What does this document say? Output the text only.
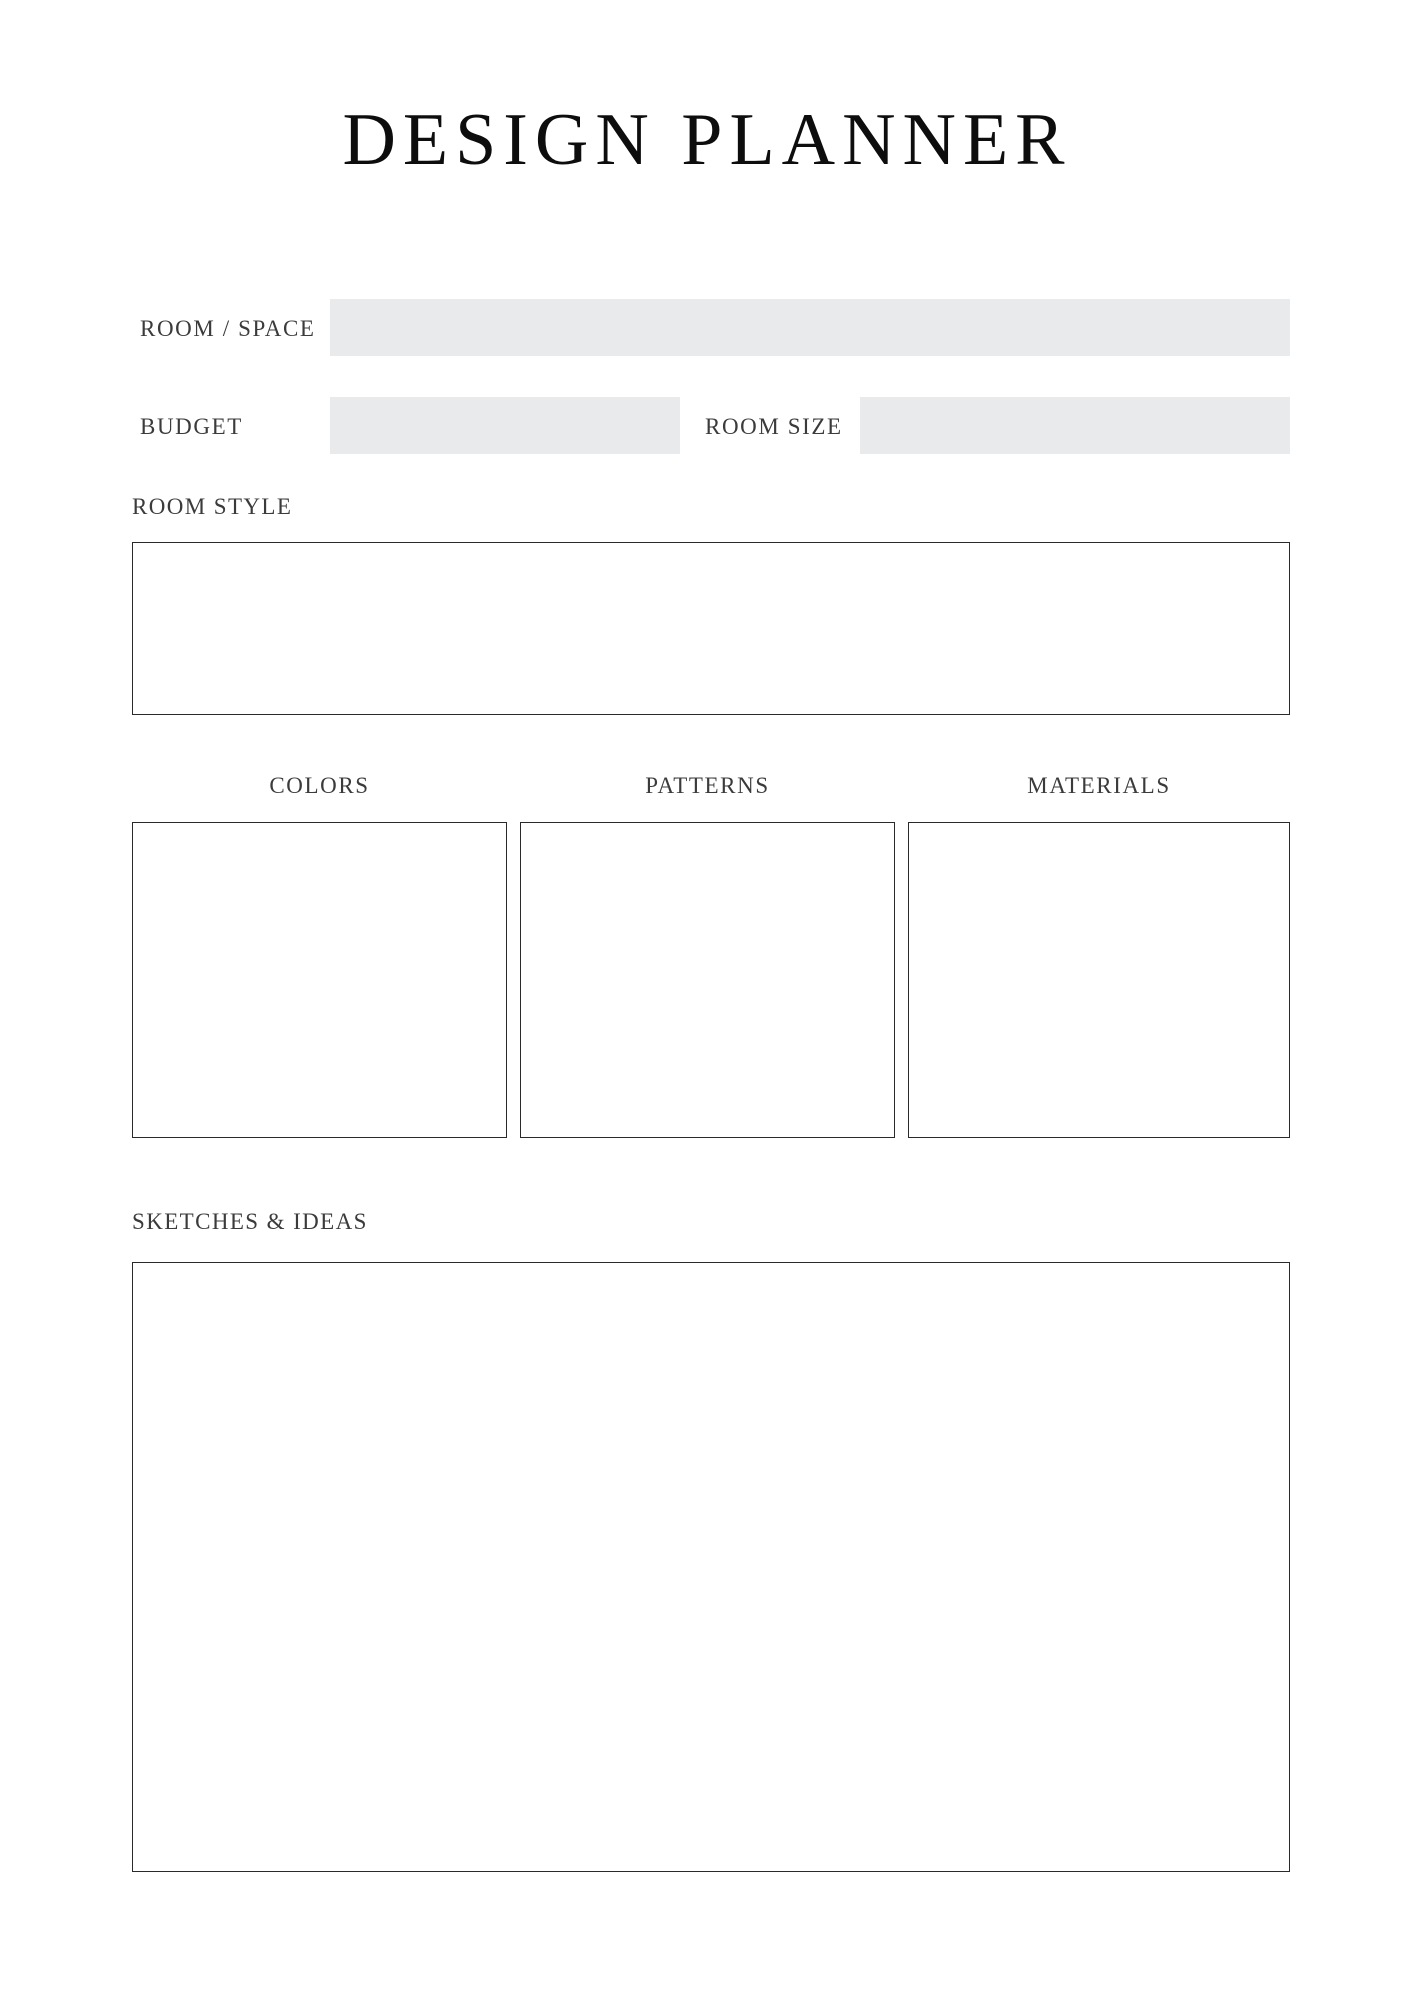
DESIGN PLANNER
ROOM / SPACE
BUDGET	ROOM SIZE
ROOM STYLE
COLORS	PATTERNS	MATERIALS
SKETCHES & IDEAS
